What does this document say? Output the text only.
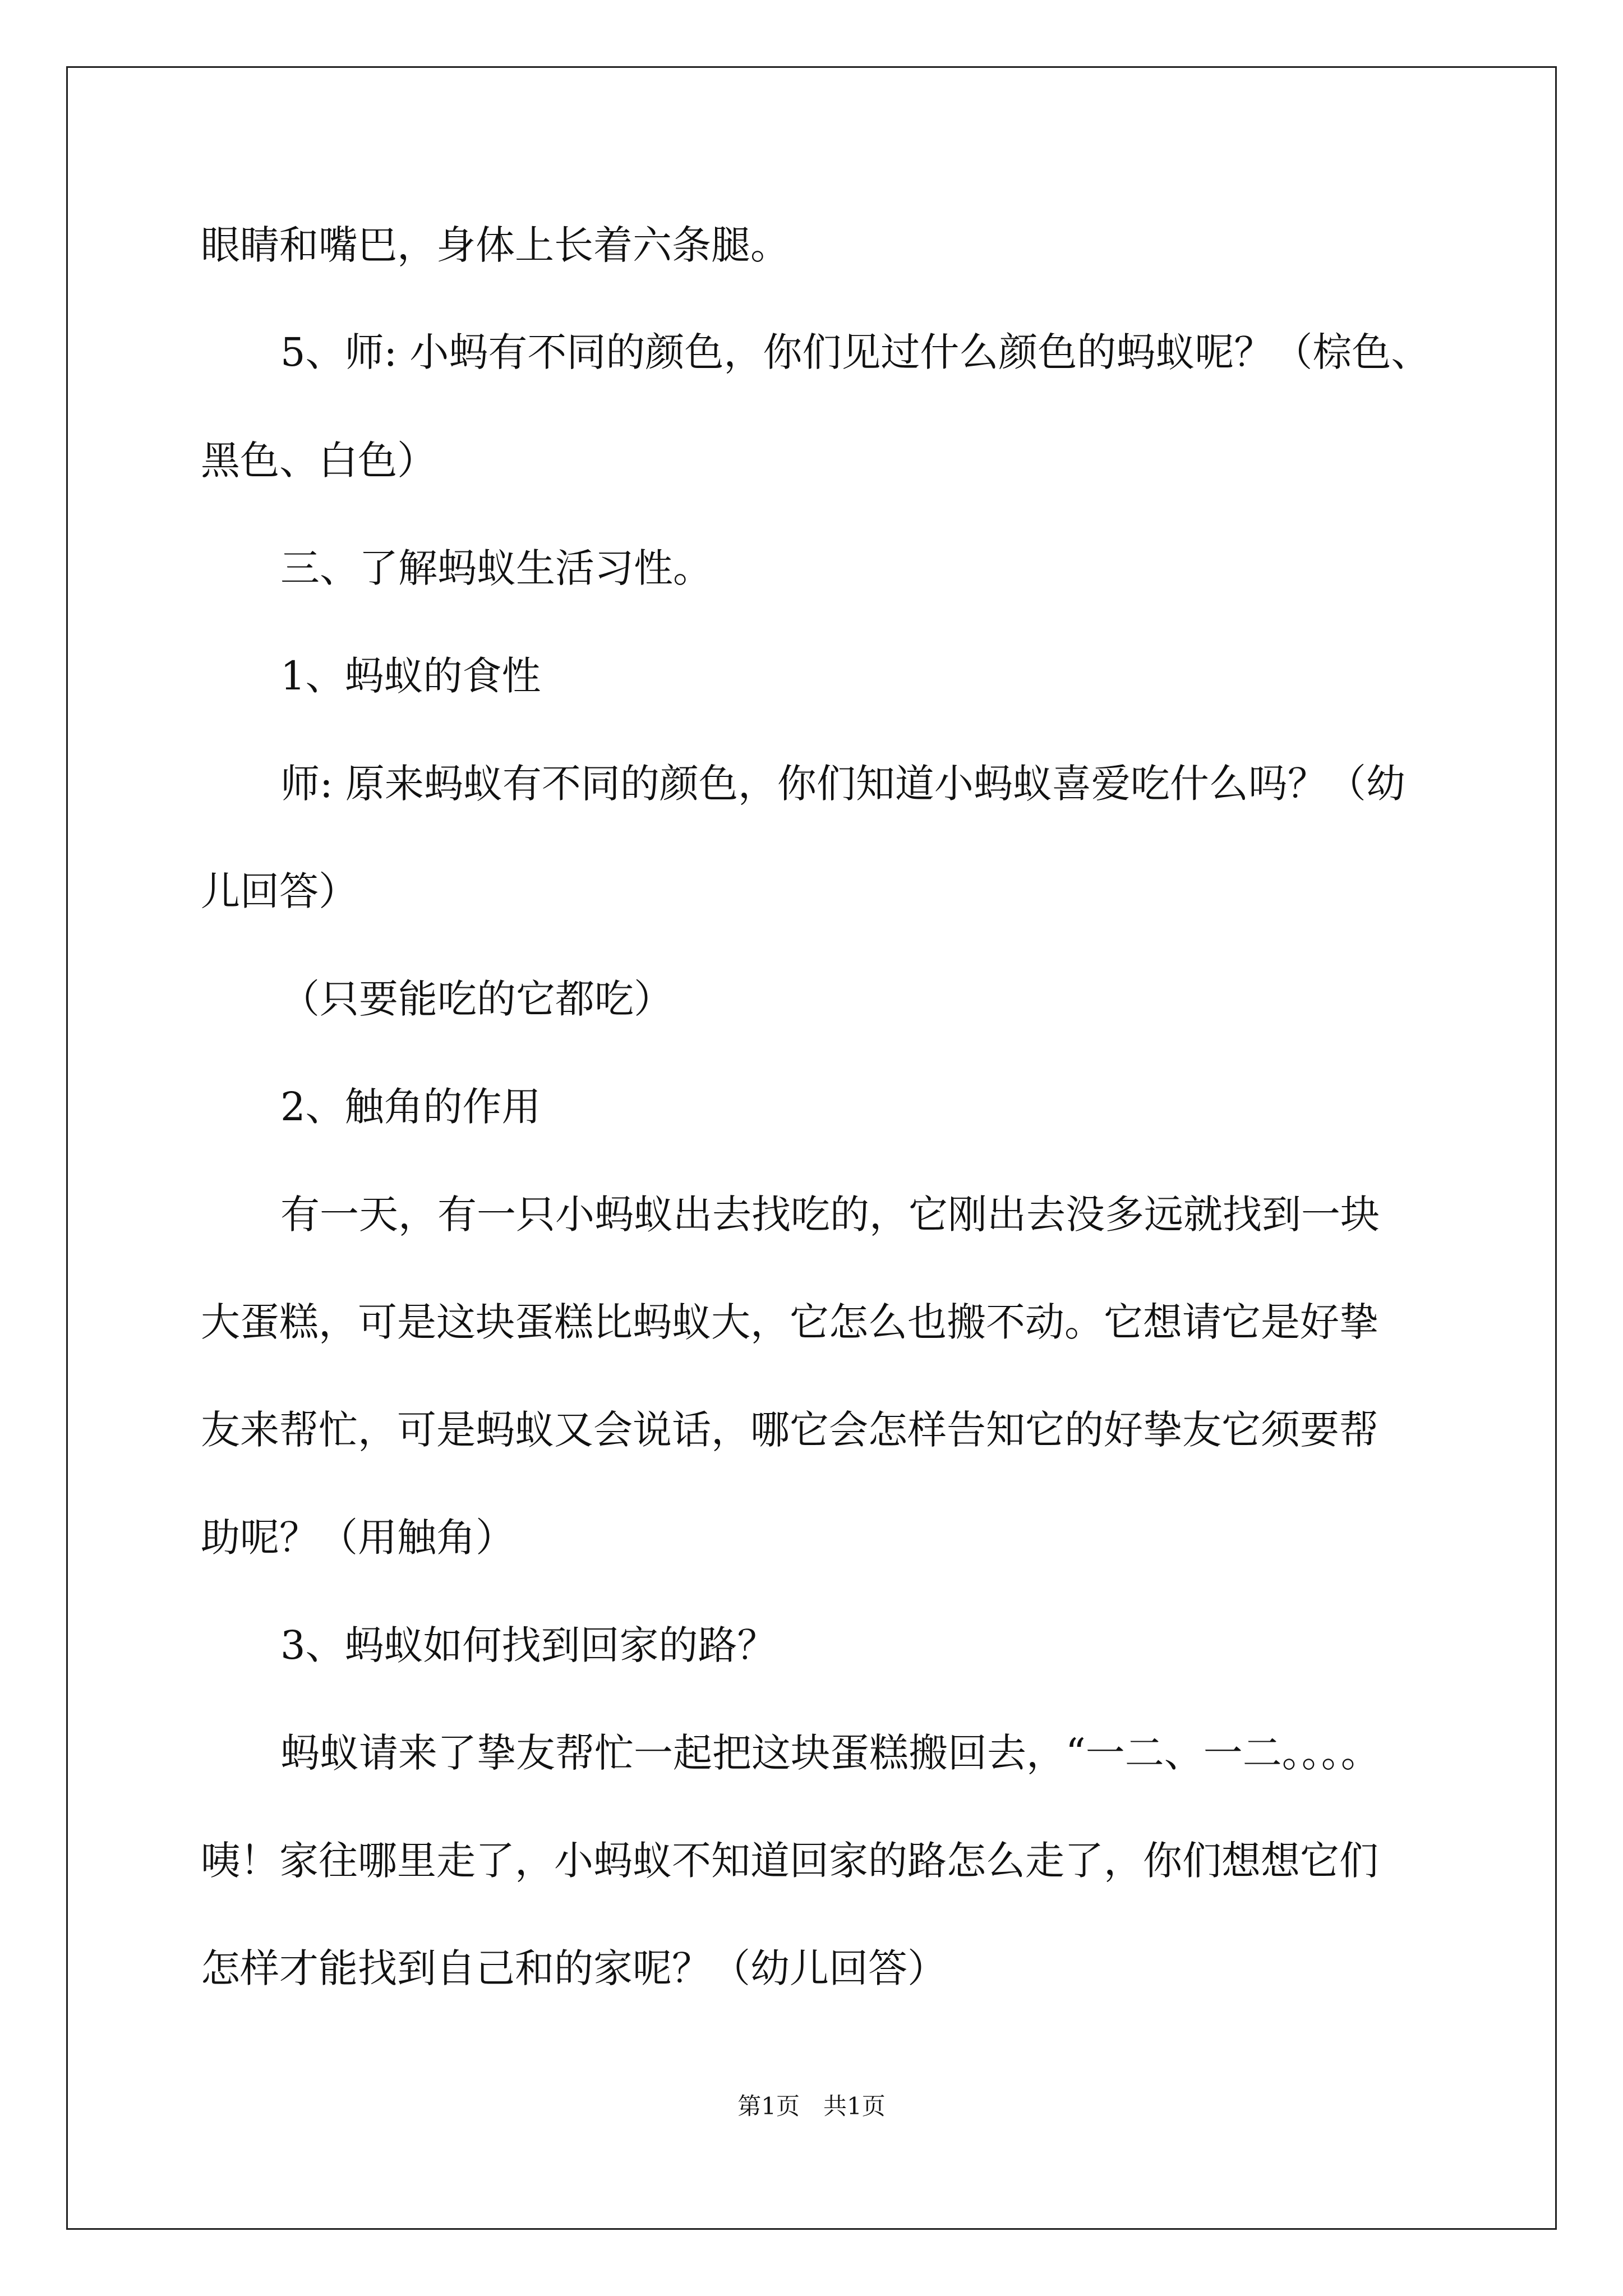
眼睛和嘴巴，身体上长着六条腿。
5、师: 小蚂有不同的颜色，你们见过什么颜色的蚂蚁呢？（棕色、
黑色、白色）
三、了解蚂蚁生活习性。
1、蚂蚁的食性
师: 原来蚂蚁有不同的颜色，你们知道小蚂蚁喜爱吃什么吗？（幼
儿回答）
（只要能吃的它都吃）
2、触角的作用
有一天，有一只小蚂蚁出去找吃的，它刚出去没多远就找到一块
大蛋糕，可是这块蛋糕比蚂蚁大，它怎么也搬不动。它想请它是好挚
友来帮忙，可是蚂蚁又会说话，哪它会怎样告知它的好挚友它须要帮
助呢？（用触角）
3、蚂蚁如何找到回家的路？
蚂蚁请来了挚友帮忙一起把这块蛋糕搬回去，“一二、一二。。。。
咦！家往哪里走了，小蚂蚁不知道回家的路怎么走了，你们想想它们
怎样才能找到自己和的家呢？（幼儿回答）
第1页　共1页
